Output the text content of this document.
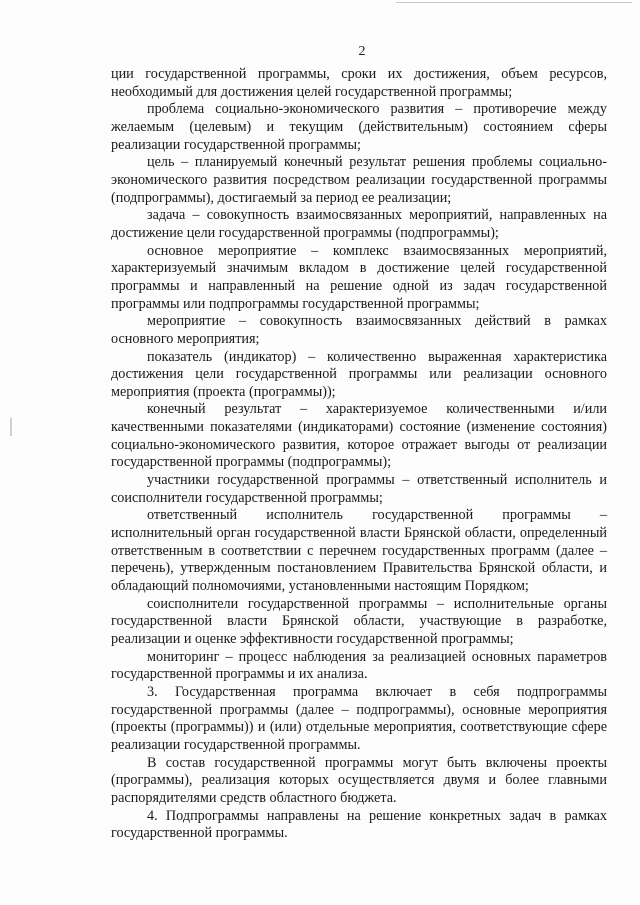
2

ции государственной программы, сроки их достижения, объем ресурсов, необходимый для достижения целей государственной программы;

проблема социально-экономического развития – противоречие между желаемым (целевым) и текущим (действительным) состоянием сферы реализации государственной программы;

цель – планируемый конечный результат решения проблемы социально-экономического развития посредством реализации государственной программы (подпрограммы), достигаемый за период ее реализации;

задача – совокупность взаимосвязанных мероприятий, направленных на достижение цели государственной программы (подпрограммы);

основное мероприятие – комплекс взаимосвязанных мероприятий, характеризуемый значимым вкладом в достижение целей государственной программы и направленный на решение одной из задач государственной программы или подпрограммы государственной программы;

мероприятие – совокупность взаимосвязанных действий в рамках основного мероприятия;

показатель (индикатор) – количественно выраженная характеристика достижения цели государственной программы или реализации основного мероприятия (проекта (программы));

конечный результат – характеризуемое количественными и/или качественными показателями (индикаторами) состояние (изменение состояния) социально-экономического развития, которое отражает выгоды от реализации государственной программы (подпрограммы);

участники государственной программы – ответственный исполнитель и соисполнители государственной программы;

ответственный исполнитель государственной программы – исполнительный орган государственной власти Брянской области, определенный ответственным в соответствии с перечнем государственных программ (далее – перечень), утвержденным постановлением Правительства Брянской области, и обладающий полномочиями, установленными настоящим Порядком;

соисполнители государственной программы – исполнительные органы государственной власти Брянской области, участвующие в разработке, реализации и оценке эффективности государственной программы;

мониторинг – процесс наблюдения за реализацией основных параметров государственной программы и их анализа.

3. Государственная программа включает в себя подпрограммы государственной программы (далее – подпрограммы), основные мероприятия (проекты (программы)) и (или) отдельные мероприятия, соответствующие сфере реализации государственной программы.

В состав государственной программы могут быть включены проекты (программы), реализация которых осуществляется двумя и более главными распорядителями средств областного бюджета.

4. Подпрограммы направлены на решение конкретных задач в рамках государственной программы.
